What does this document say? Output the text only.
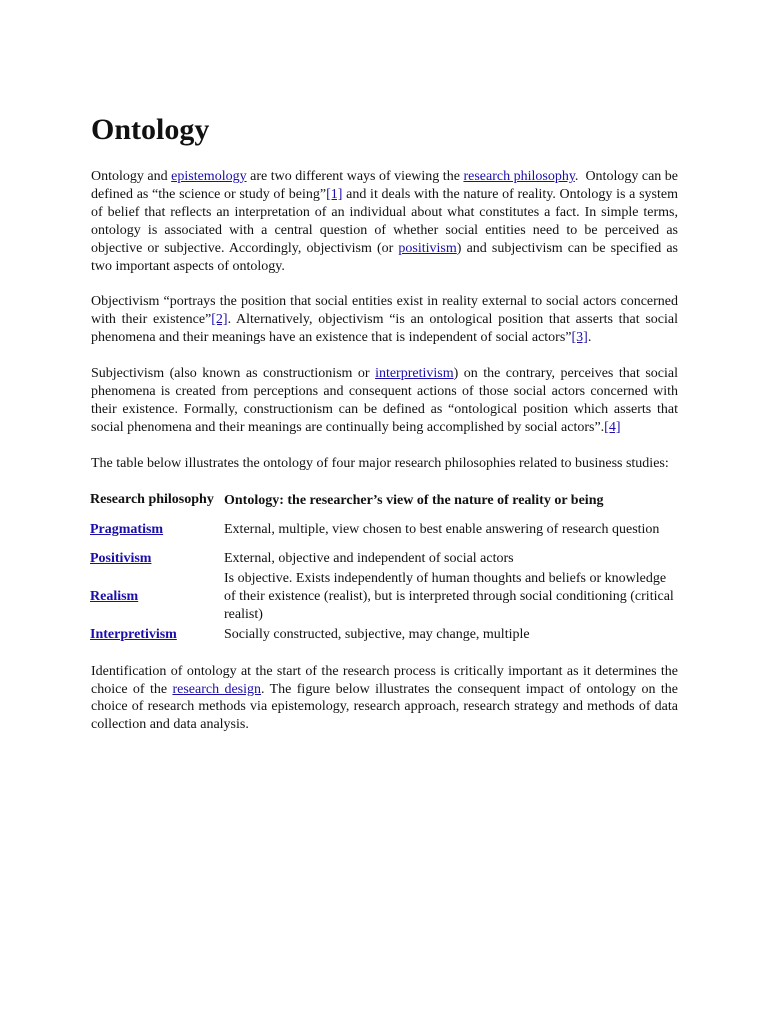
Ontology

Ontology and epistemology are two different ways of viewing the research philosophy.  Ontology can be defined as “the science or study of being”[1] and it deals with the nature of reality. Ontology is a system of belief that reflects an interpretation of an individual about what constitutes a fact. In simple terms, ontology is associated with a central question of whether social entities need to be perceived as objective or subjective. Accordingly, objectivism (or positivism) and subjectivism can be specified as two important aspects of ontology.

Objectivism “portrays the position that social entities exist in reality external to social actors concerned with their existence”[2]. Alternatively, objectivism “is an ontological position that asserts that social phenomena and their meanings have an existence that is independent of social actors”[3].

Subjectivism (also known as constructionism or interpretivism) on the contrary, perceives that social phenomena is created from perceptions and consequent actions of those social actors concerned with their existence. Formally, constructionism can be defined as “ontological position which asserts that social phenomena and their meanings are continually being accomplished by social actors”.[4]

The table below illustrates the ontology of four major research philosophies related to business studies:

Research philosophy	Ontology: the researcher’s view of the nature of reality or being
Pragmatism	External, multiple, view chosen to best enable answering of research question
Positivism	External, objective and independent of social actors
Realism	Is objective. Exists independently of human thoughts and beliefs or knowledge of their existence (realist), but is interpreted through social conditioning (critical realist)
Interpretivism	Socially constructed, subjective, may change, multiple

Identification of ontology at the start of the research process is critically important as it determines the choice of the research design. The figure below illustrates the consequent impact of ontology on the choice of research methods via epistemology, research approach, research strategy and methods of data collection and data analysis.
